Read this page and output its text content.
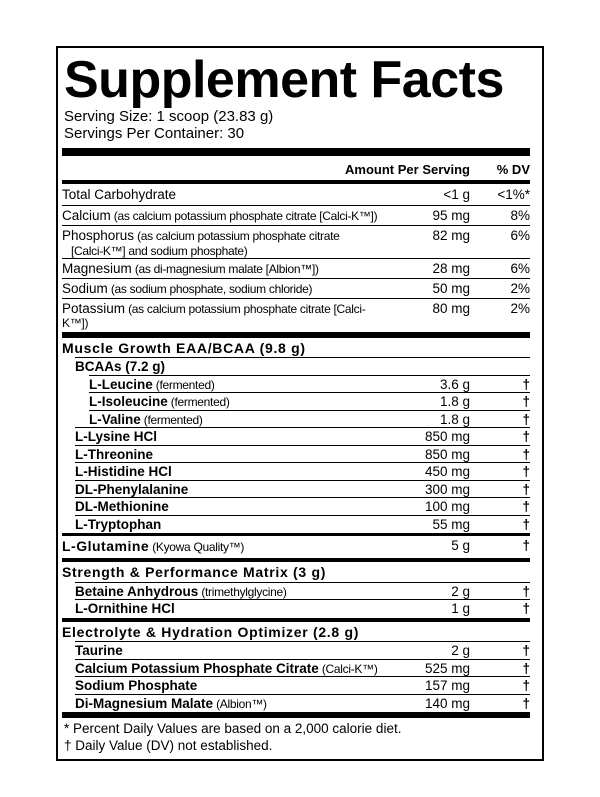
Supplement Facts
Serving Size: 1 scoop (23.83 g)
Servings Per Container: 30
Amount Per Serving	% DV
Total Carbohydrate	<1 g	<1%*
Calcium (as calcium potassium phosphate citrate [Calci-K™])	95 mg	8%
Phosphorus (as calcium potassium phosphate citrate
[Calci-K™] and sodium phosphate)
82 mg	6%
Magnesium (as di-magnesium malate [Albion™])	28 mg	6%
Sodium (as sodium phosphate, sodium chloride)	50 mg	2%
Potassium (as calcium potassium phosphate citrate [Calci-K™])
80 mg	2%
Muscle Growth EAA/BCAA (9.8 g)
BCAAs (7.2 g)
L-Leucine (fermented)	3.6 g	†
L-Isoleucine (fermented)	1.8 g	†
L-Valine (fermented)	1.8 g	†
L-Lysine HCl	850 mg	†
L-Threonine	850 mg	†
L-Histidine HCl	450 mg	†
DL-Phenylalanine	300 mg	†
DL-Methionine	100 mg	†
L-Tryptophan	55 mg	†
L-Glutamine (Kyowa Quality™)	5 g	†
Strength & Performance Matrix (3 g)
Betaine Anhydrous (trimethylglycine)	2 g	†
L-Ornithine HCl	1 g	†
Electrolyte & Hydration Optimizer (2.8 g)
Taurine	2 g	†
Calcium Potassium Phosphate Citrate (Calci-K™)	525 mg	†
Sodium Phosphate	157 mg	†
Di-Magnesium Malate (Albion™)	140 mg	†
* Percent Daily Values are based on a 2,000 calorie diet.
† Daily Value (DV) not established.
